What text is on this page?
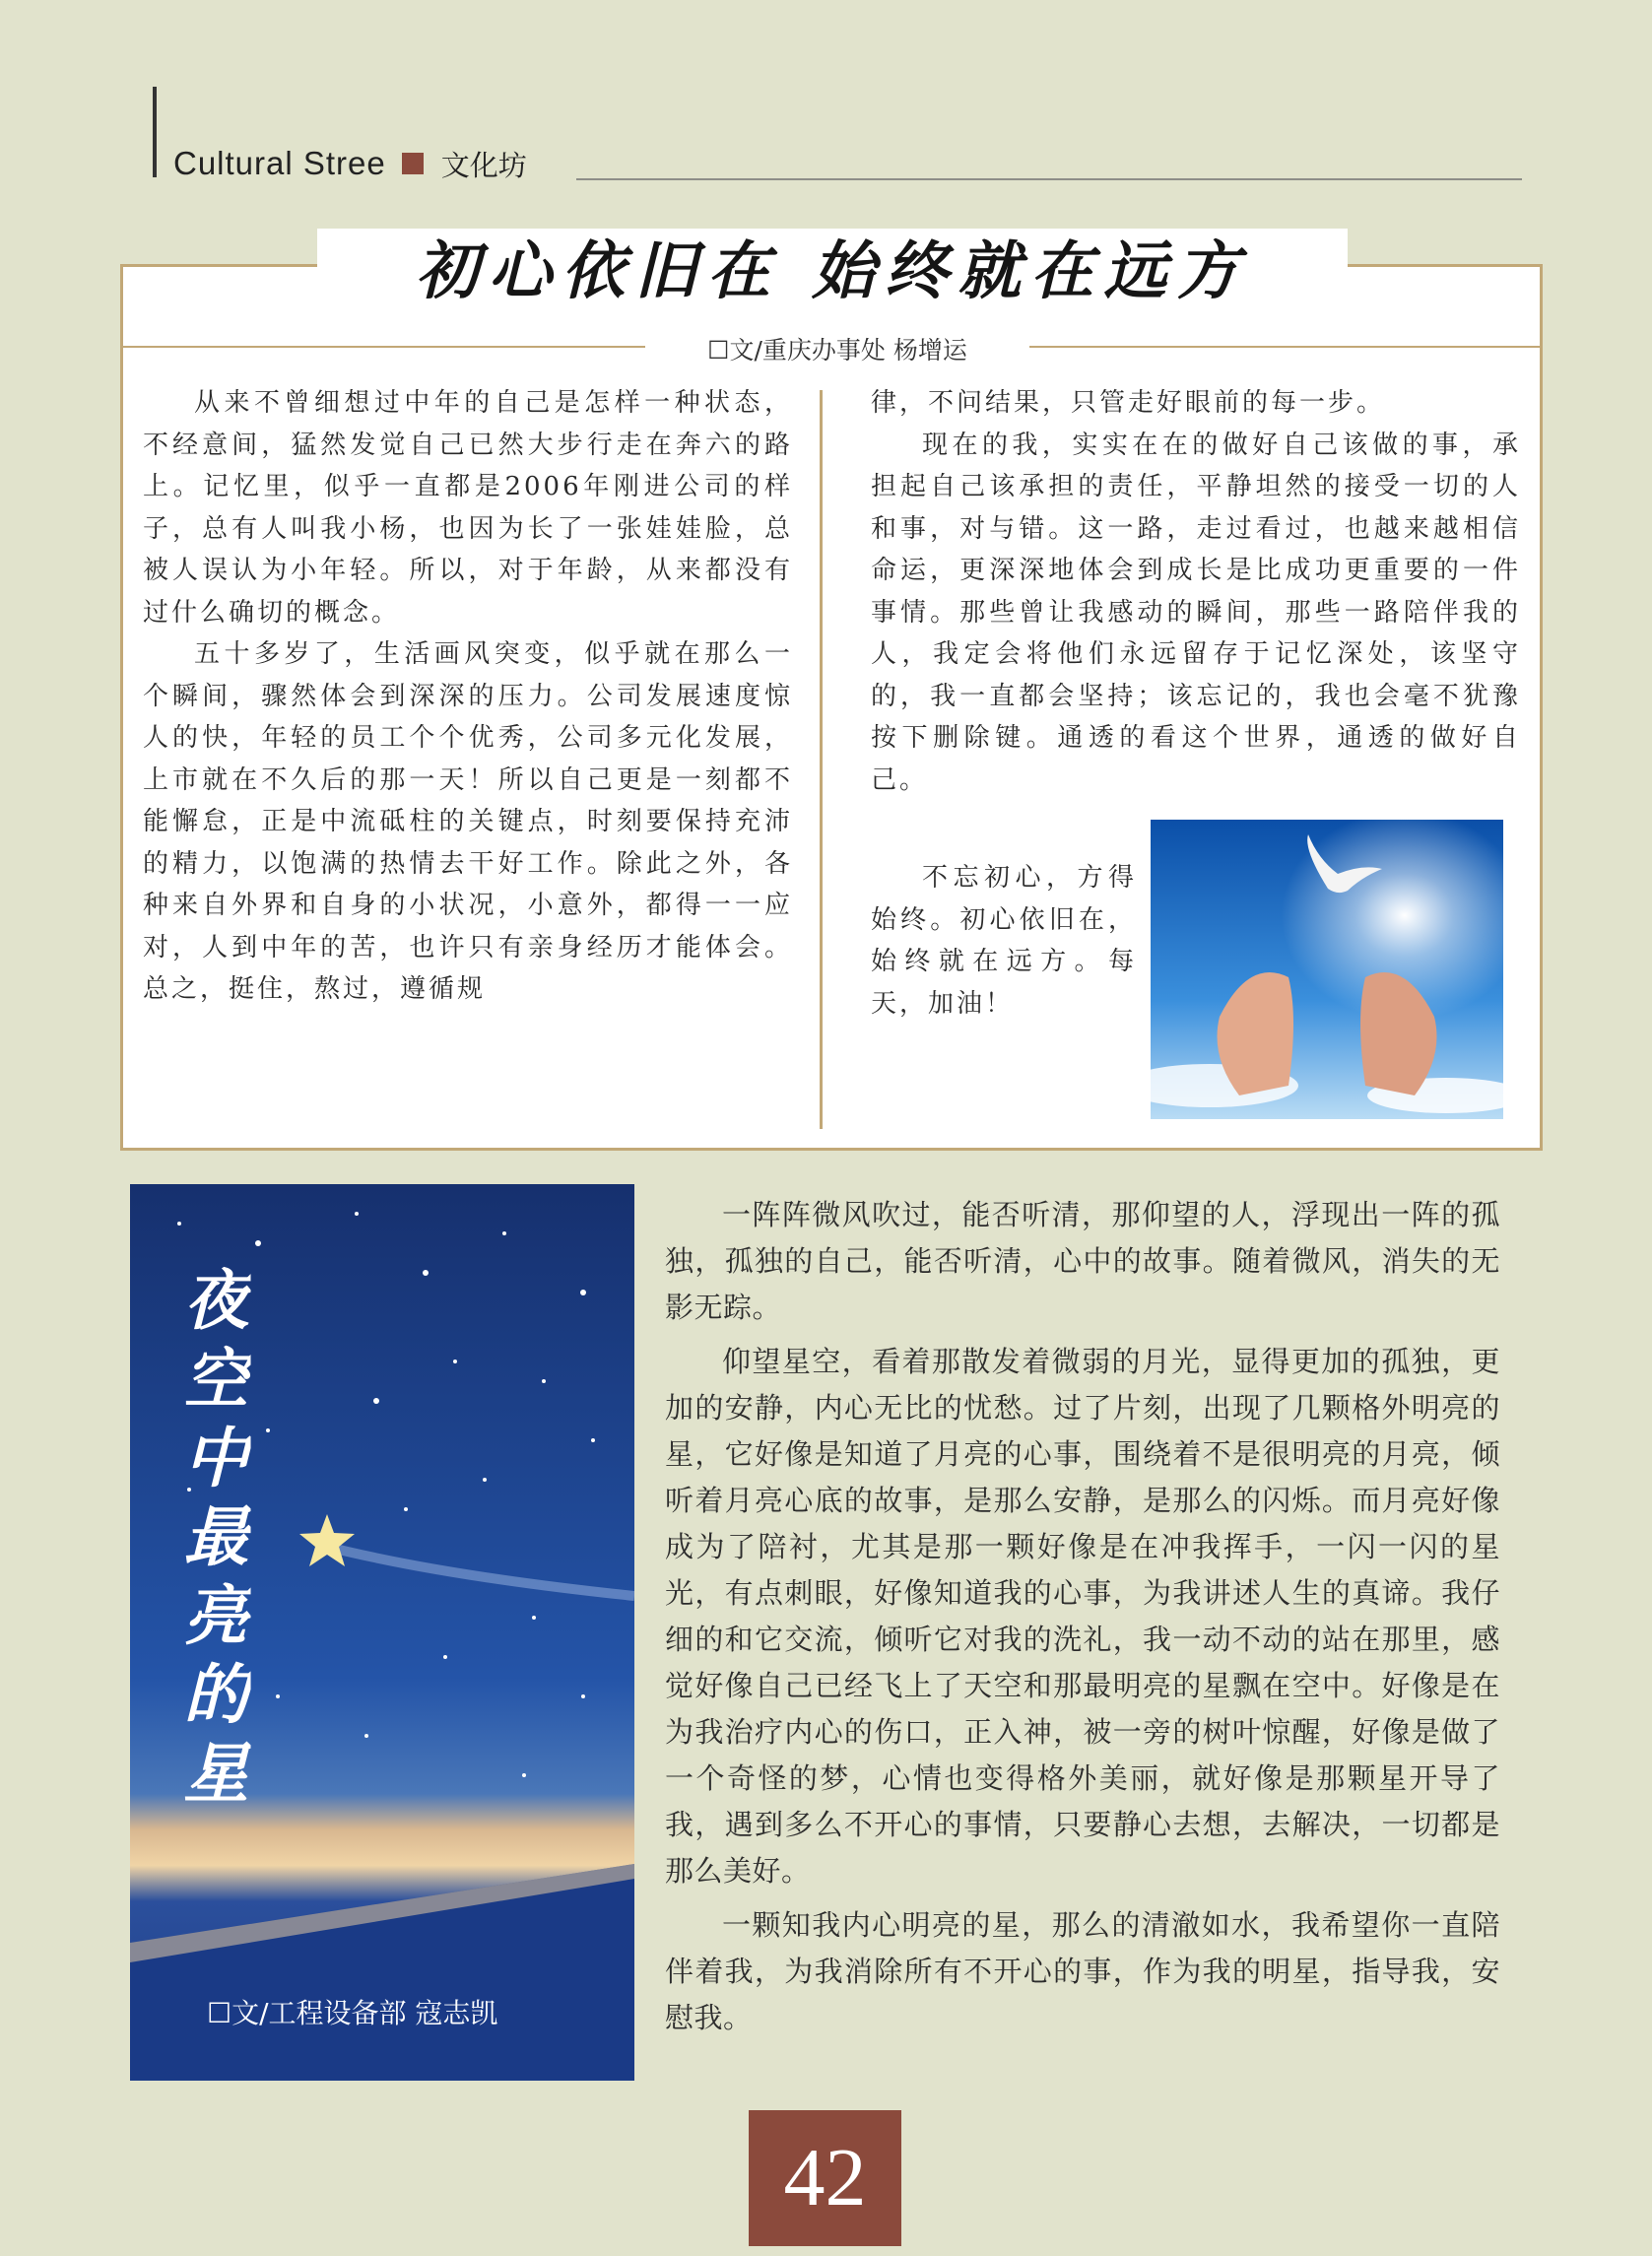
Cultural Stree 文化坊
初心依旧在 始终就在远方
☐文/重庆办事处 杨增运

从来不曾细想过中年的自己是怎样一种状态，不经意间，猛然发觉自己已然大步行走在奔六的路上。记忆里，似乎一直都是2006年刚进公司的样子，总有人叫我小杨，也因为长了一张娃娃脸，总被人误认为小年轻。所以，对于年龄，从来都没有过什么确切的概念。

五十多岁了，生活画风突变，似乎就在那么一个瞬间，骤然体会到深深的压力。公司发展速度惊人的快，年轻的员工个个优秀，公司多元化发展，上市就在不久后的那一天！所以自己更是一刻都不能懈怠，正是中流砥柱的关键点，时刻要保持充沛的精力，以饱满的热情去干好工作。除此之外，各种来自外界和自身的小状况，小意外，都得一一应对，人到中年的苦，也许只有亲身经历才能体会。总之，挺住，熬过，遵循规

律，不问结果，只管走好眼前的每一步。

现在的我，实实在在的做好自己该做的事，承担起自己该承担的责任，平静坦然的接受一切的人和事，对与错。这一路，走过看过，也越来越相信命运，更深深地体会到成长是比成功更重要的一件事情。那些曾让我感动的瞬间，那些一路陪伴我的人，我定会将他们永远留存于记忆深处，该坚守的，我一直都会坚持；该忘记的，我也会毫不犹豫按下删除键。通透的看这个世界，通透的做好自己。

不忘初心，方得始终。初心依旧在，始终就在远方。每天，加油！

夜空中最亮的星
☐文/工程设备部 寇志凯

一阵阵微风吹过，能否听清，那仰望的人，浮现出一阵的孤独，孤独的自己，能否听清，心中的故事。随着微风，消失的无影无踪。

仰望星空，看着那散发着微弱的月光，显得更加的孤独，更加的安静，内心无比的忧愁。过了片刻，出现了几颗格外明亮的星，它好像是知道了月亮的心事，围绕着不是很明亮的月亮，倾听着月亮心底的故事，是那么安静，是那么的闪烁。而月亮好像成为了陪衬，尤其是那一颗好像是在冲我挥手，一闪一闪的星光，有点刺眼，好像知道我的心事，为我讲述人生的真谛。我仔细的和它交流，倾听它对我的洗礼，我一动不动的站在那里，感觉好像自己已经飞上了天空和那最明亮的星飘在空中。好像是在为我治疗内心的伤口，正入神，被一旁的树叶惊醒，好像是做了一个奇怪的梦，心情也变得格外美丽，就好像是那颗星开导了我，遇到多么不开心的事情，只要静心去想，去解决，一切都是那么美好。

一颗知我内心明亮的星，那么的清澈如水，我希望你一直陪伴着我，为我消除所有不开心的事，作为我的明星，指导我，安慰我。

42
